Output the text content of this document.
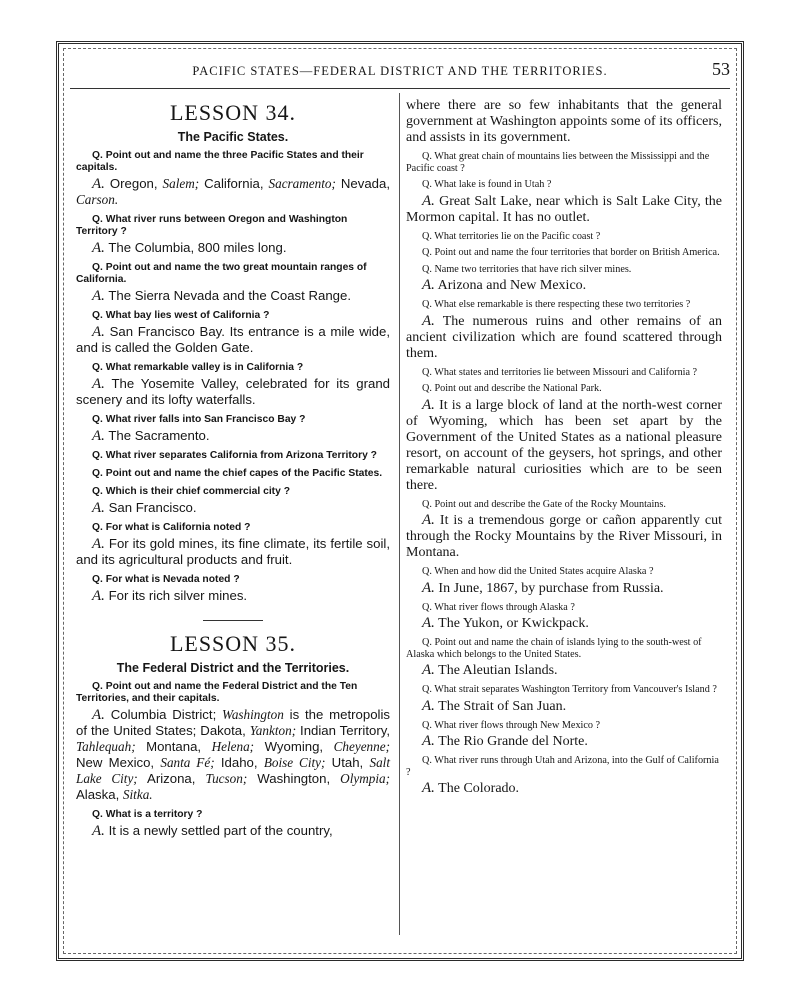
PACIFIC STATES—FEDERAL DISTRICT AND THE TERRITORIES.	53
LESSON 34.
The Pacific States.
Q. Point out and name the three Pacific States and their capitals.

A. Oregon, Salem; California, Sacramento; Nevada, Carson.

Q. What river runs between Oregon and Washington Territory ?

A. The Columbia, 800 miles long.

Q. Point out and name the two great mountain ranges of California.

A. The Sierra Nevada and the Coast Range.

Q. What bay lies west of California ?

A. San Francisco Bay. Its entrance is a mile wide, and is called the Golden Gate.

Q. What remarkable valley is in California ?

A. The Yosemite Valley, celebrated for its grand scenery and its lofty waterfalls.

Q. What river falls into San Francisco Bay ?

A. The Sacramento.

Q. What river separates California from Arizona Territory ?
Q. Point out and name the chief capes of the Pacific States.
Q. Which is their chief commercial city ?

A. San Francisco.

Q. For what is California noted ?

A. For its gold mines, its fine climate, its fertile soil, and its agricultural products and fruit.

Q. For what is Nevada noted ?

A. For its rich silver mines.

LESSON 35.
The Federal District and the Territories.
Q. Point out and name the Federal District and the Ten Territories, and their capitals.

A. Columbia District; Washington is the metropolis of the United States; Dakota, Yankton; Indian Territory, Tahlequah; Montana, Helena; Wyoming, Cheyenne; New Mexico, Santa Fé; Idaho, Boise City; Utah, Salt Lake City; Arizona, Tucson; Washington, Olympia; Alaska, Sitka.

Q. What is a territory ?

A. It is a newly settled part of the country,

where there are so few inhabitants that the general government at Washington appoints some of its officers, and assists in its government.

Q. What great chain of mountains lies between the Mississippi and the Pacific coast ?
Q. What lake is found in Utah ?

A. Great Salt Lake, near which is Salt Lake City, the Mormon capital. It has no outlet.

Q. What territories lie on the Pacific coast ?
Q. Point out and name the four territories that border on British America.
Q. Name two territories that have rich silver mines.

A. Arizona and New Mexico.

Q. What else remarkable is there respecting these two territories ?

A. The numerous ruins and other remains of an ancient civilization which are found scattered through them.

Q. What states and territories lie between Missouri and California ?
Q. Point out and describe the National Park.

A. It is a large block of land at the north-west corner of Wyoming, which has been set apart by the Government of the United States as a national pleasure resort, on account of the geysers, hot springs, and other remarkable natural curiosities which are to be seen there.

Q. Point out and describe the Gate of the Rocky Mountains.

A. It is a tremendous gorge or cañon apparently cut through the Rocky Mountains by the River Missouri, in Montana.

Q. When and how did the United States acquire Alaska ?

A. In June, 1867, by purchase from Russia.

Q. What river flows through Alaska ?

A. The Yukon, or Kwickpack.

Q. Point out and name the chain of islands lying to the south-west of Alaska which belongs to the United States.

A. The Aleutian Islands.

Q. What strait separates Washington Territory from Vancouver's Island ?

A. The Strait of San Juan.

Q. What river flows through New Mexico ?

A. The Rio Grande del Norte.

Q. What river runs through Utah and Arizona, into the Gulf of California ?

A. The Colorado.
